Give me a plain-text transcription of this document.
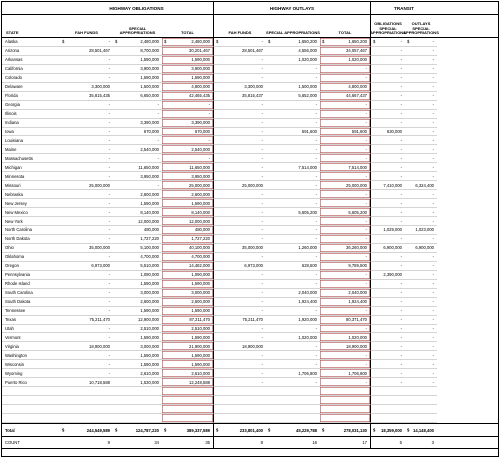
HIGHWAY OBLIGATIONS	HIGHWAY OUTLAYS	TRANSIT
STATE	FAH FUNDS
SPECIAL APPROPRIATIONS	TOTAL	FAH FUNDS	SPECIAL APPROPRIATIONS	TOTAL
OBLIGATIONS SPECIAL APPROPRIATIONS
OUTLAYS SPECIAL APPROPRIATIONS
Alaska	$ -	$ 2,480,000	$ 2,480,000	$ -	$ 1,650,200	$ 1,650,200	$ -	$ -
Arizona	28,501,467	8,700,000	30,201,467	28,501,467	4,556,000	34,057,467	-	-
Arkansas	-	1,590,000	1,590,000	-	1,020,000	1,020,000	-	-
California	-	3,900,000	3,900,000	-	-	-	-	-
Colorado	-	1,590,000	1,590,000	-	-	-	-	-
Delaware	3,300,000	1,500,000	4,800,000	3,300,000	1,500,000	4,800,000	-	-
Florida	35,815,435	6,650,000	42,465,435	35,815,437	5,652,000	44,667,437	-	-
Georgia	-	-	-	-	-	-	-	-
Illinois	-	-	-	-	-	-	-	-
Indiana	-	3,390,000	3,390,000	-	-	-	-	-
Iowa	-	670,000	670,000	-	591,600	591,600	630,000	-
Louisiana	-	-	-	-	-	-	-	-
Maine	-	2,540,000	2,540,000	-	-	-	-	-
Massachusetts	-	-	-	-	-	-	-	-
Michigan	-	11,650,000	11,650,000	-	7,514,000	7,514,000	-	-
Minnesota	-	3,950,000	3,950,000	-	-	-	-	-
Missouri	25,000,000	-	25,000,000	25,000,000	-	25,000,000	7,410,000	6,324,400
Nebraska	-	2,600,000	2,600,000	-	-	-	-	-
New Jersey	-	1,590,000	1,590,000	-	-	-	-	-
New Mexico	-	8,140,000	8,140,000	-	5,605,200	5,605,200	-	-
New York	-	12,000,000	12,000,000	-	-	-	-	-
North Carolina	-	480,000	480,000	-	-	-	1,029,000	1,023,000
North Dakota	-	1,727,220	1,727,220	-	-	-	-	-
Ohio	35,000,000	5,100,000	40,100,000	35,000,000	1,260,000	36,260,000	6,900,000	6,900,000
Oklahoma	-	4,700,000	4,700,000	-	-	-	-	-
Oregon	6,973,000	5,510,000	14,482,000	6,973,000	628,500	9,789,500	-	-
Pennsylvania	-	1,090,000	1,090,000	-	-	-	2,390,000	-
Rhode Island	-	1,590,000	1,590,000	-	-	-	-	-
South Carolina	-	3,000,000	3,000,000	-	2,040,000	2,040,000	-	-
South Dakota	-	2,600,000	2,600,000	-	1,924,400	1,924,400	-	-
Tennessee	-	1,590,000	1,590,000	-	-	-	-	-
Texas	75,211,470	12,900,000	87,211,470	75,211,470	1,920,000	80,371,470	-	-
Utah	-	2,510,000	2,510,000	-	-	-	-	-
Vermont	-	1,590,000	1,590,000	-	1,020,000	1,020,000	-	-
Virginia	18,900,000	3,000,000	21,900,000	18,900,000	-	18,900,000	-	-
Washington	-	1,590,000	1,590,000	-	-	-	-	-
Wisconsin	-	1,590,000	1,590,000	-	-	-	-	-
Wyoming	-	2,610,000	2,610,000	-	1,706,800	1,706,800	-	-
Puerto Rico	10,718,588	1,530,000	12,248,588	-	-	-	-	-
Total	$	244,549,589 $	124,787,220 $	389,337,589 $	233,801,400 $	45,229,788 $	278,031,130 $ 18,359,000 $ 14,148,400
COUNT	9	34	35	8	16	17	5	3
